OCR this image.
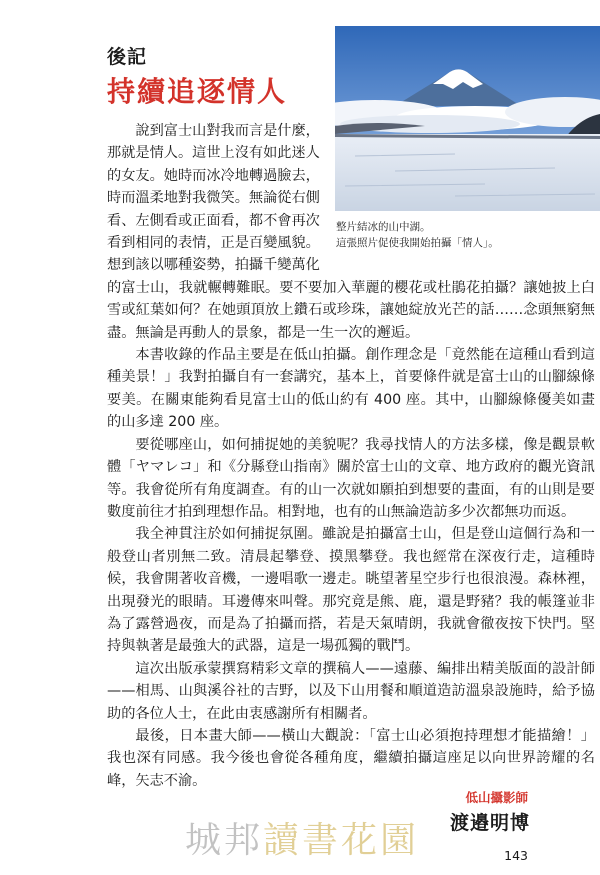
後記
持續追逐情人
整片結冰的山中湖。
這張照片促使我開始拍攝「情人」。
說到富士山對我而言是什麼，
那就是情人。這世上沒有如此迷人
的女友。她時而冰冷地轉過臉去，
時而溫柔地對我微笑。無論從右側
看、左側看或正面看，都不會再次
看到相同的表情，正是百變風貌。
想到該以哪種姿勢，拍攝千變萬化

的富士山，我就輾轉難眠。要不要加入華麗的櫻花或杜鵑花拍攝？讓她披上白雪或紅葉如何？在她頭頂放上鑽石或珍珠，讓她綻放光芒的話……念頭無窮無盡。無論是再動人的景象，都是一生一次的邂逅。

本書收錄的作品主要是在低山拍攝。創作理念是「竟然能在這種山看到這種美景！」我對拍攝自有一套講究，基本上，首要條件就是富士山的山腳線條要美。在關東能夠看見富士山的低山約有 400 座。其中，山腳線條優美如畫的山多達 200 座。

要從哪座山，如何捕捉她的美貌呢？我尋找情人的方法多樣，像是觀景軟體「ヤマレコ」和《分縣登山指南》關於富士山的文章、地方政府的觀光資訊等。我會從所有角度調查。有的山一次就如願拍到想要的畫面，有的山則是要數度前往才拍到理想作品。相對地，也有的山無論造訪多少次都無功而返。

我全神貫注於如何捕捉氛圍。雖說是拍攝富士山，但是登山這個行為和一般登山者別無二致。清晨起攀登、摸黑攀登。我也經常在深夜行走，這種時候，我會開著收音機，一邊唱歌一邊走。眺望著星空步行也很浪漫。森林裡，出現發光的眼睛。耳邊傳來叫聲。那究竟是熊、鹿，還是野豬？我的帳篷並非為了露營過夜，而是為了拍攝而搭，若是天氣晴朗，我就會徹夜按下快門。堅持與執著是最強大的武器，這是一場孤獨的戰鬥。

這次出版承蒙撰寫精彩文章的撰稿人——遠藤、編排出精美版面的設計師——相馬、山與溪谷社的吉野，以及下山用餐和順道造訪溫泉設施時，給予協助的各位人士，在此由衷感謝所有相關者。

最後，日本畫大師——橫山大觀說：「富士山必須抱持理想才能描繪！」我也深有同感。我今後也會從各種角度，繼續拍攝這座足以向世界誇耀的名峰，矢志不渝。

低山攝影師
渡邉明博
城邦讀書花園	143
